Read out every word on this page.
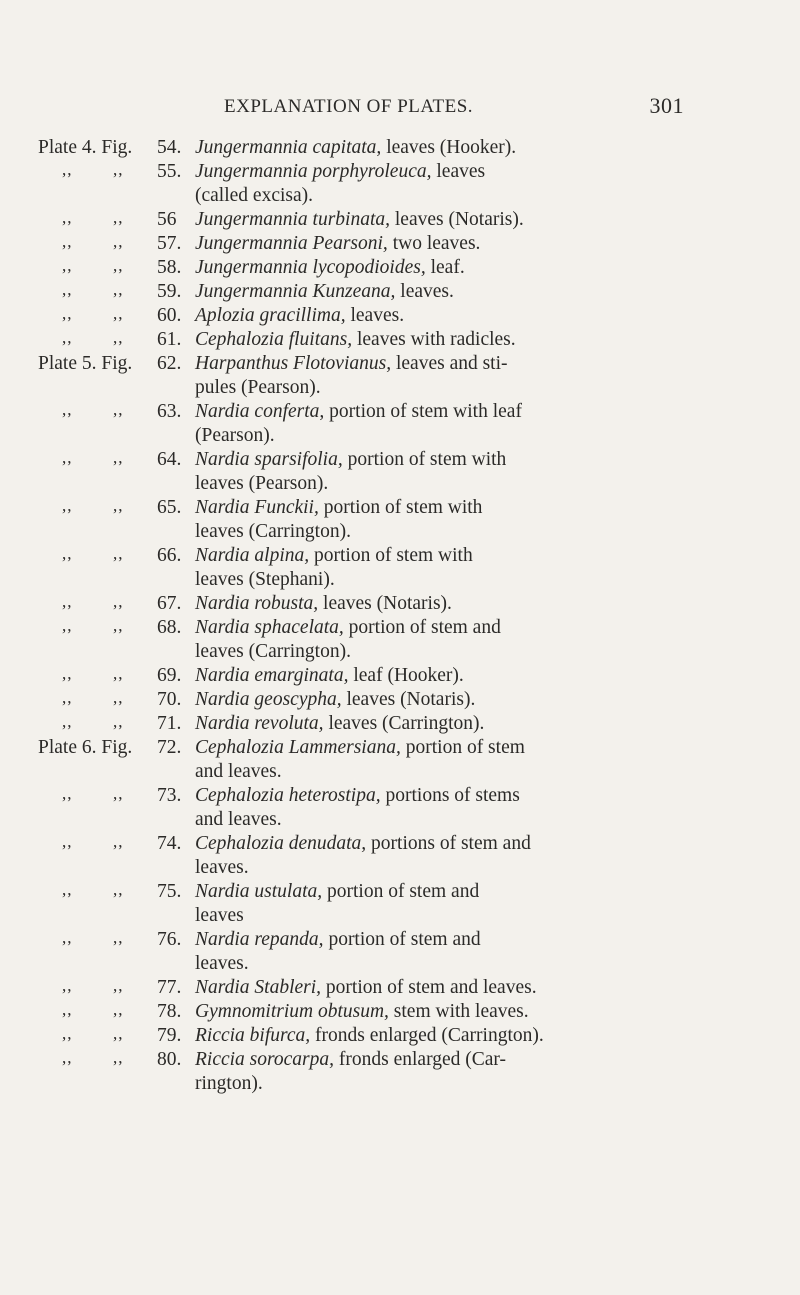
EXPLANATION OF PLATES.	301
Plate 4. Fig. 54. Jungermannia capitata, leaves (Hooker).
,, ,, 55. Jungermannia porphyroleuca, leaves
(called excisa).
,, ,, 56 Jungermannia turbinata, leaves (Notaris).
,, ,, 57. Jungermannia Pearsoni, two leaves.
,, ,, 58. Jungermannia lycopodioides, leaf.
,, ,, 59. Jungermannia Kunzeana, leaves.
,, ,, 60. Aplozia gracillima, leaves.
,, ,, 61. Cephalozia fluitans, leaves with radicles.
Plate 5. Fig. 62. Harpanthus Flotovianus, leaves and sti-
pules (Pearson).
,, ,, 63. Nardia conferta, portion of stem with leaf
(Pearson).
,, ,, 64. Nardia sparsifolia, portion of stem with
leaves (Pearson).
,, ,, 65. Nardia Funckii, portion of stem with
leaves (Carrington).
,, ,, 66. Nardia alpina, portion of stem with
leaves (Stephani).
,, ,, 67. Nardia robusta, leaves (Notaris).
,, ,, 68. Nardia sphacelata, portion of stem and
leaves (Carrington).
,, ,, 69. Nardia emarginata, leaf (Hooker).
,, ,, 70. Nardia geoscypha, leaves (Notaris).
,, ,, 71. Nardia revoluta, leaves (Carrington).
Plate 6. Fig. 72. Cephalozia Lammersiana, portion of stem
and leaves.
,, ,, 73. Cephalozia heterostipa, portions of stems
and leaves.
,, ,, 74. Cephalozia denudata, portions of stem and
leaves.
,, ,, 75. Nardia ustulata, portion of stem and
leaves
,, ,, 76. Nardia repanda, portion of stem and
leaves.
,, ,, 77. Nardia Stableri, portion of stem and leaves.
,, ,, 78. Gymnomitrium obtusum, stem with leaves.
,, ,, 79. Riccia bifurca, fronds enlarged (Carrington).
,, ,, 80. Riccia sorocarpa, fronds enlarged (Car-
rington).
